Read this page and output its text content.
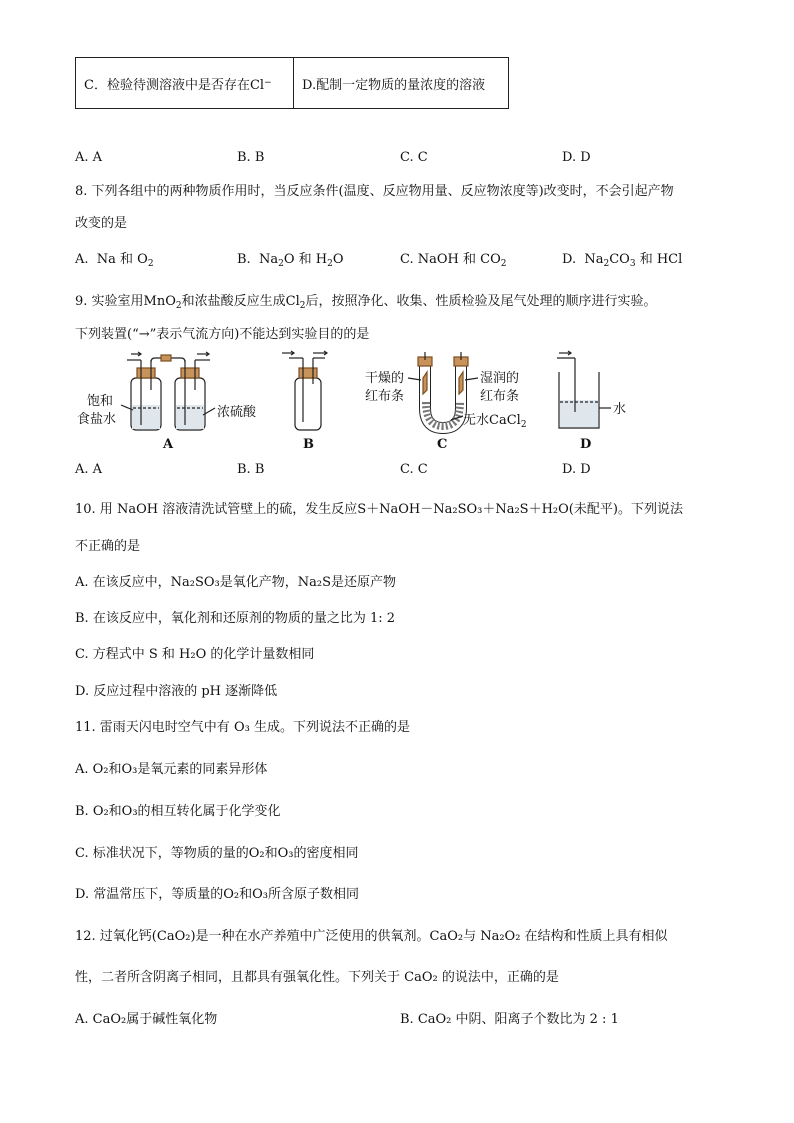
C．检验待测溶液中是否存在Cl − D.配制一定物质的量浓度的溶液
A. A	B. B	C. C	D. D
8. 下列各组中的两种物质作用时，当反应条件(温度、反应物用量、反应物浓度等)改变时，不会引起产物
改变的是
A. Na 和 $O_2$	B. $Na_2O$ 和 $H_2O$	C. NaOH 和 $CO_2$	D. $Na_2CO_3$ 和 HCl
9. 实验室用MnO$_2$和浓盐酸反应生成$Cl_2$后，按照净化、收集、性质检验及尾气处理的顺序进行实验。
下列装置(“→”表示气流方向)不能达到实验目的的是
饱和
食盐水	浓硫酸
A	B
干燥的
红布条
湿润的
红布条
无水CaCl$_2$
C
水
D
A. A	B. B	C. C	D. D
10. 用 NaOH 溶液清洗试管壁上的硫，发生反应S＋NaOH－Na₂SO₃＋Na₂S＋H₂O(未配平)。下列说法
不正确的是
A. 在该反应中，Na₂SO₃是氧化产物，Na₂S是还原产物
B. 在该反应中，氧化剂和还原剂的物质的量之比为 1: 2
C. 方程式中 S 和 H₂O 的化学计量数相同
D. 反应过程中溶液的 pH 逐渐降低
11. 雷雨天闪电时空气中有 O₃ 生成。下列说法不正确的是
A. O₂和O₃是氧元素的同素异形体
B. O₂和O₃的相互转化属于化学变化
C. 标准状况下，等物质的量的O₂和O₃的密度相同
D. 常温常压下，等质量的O₂和O₃所含原子数相同
12. 过氧化钙(CaO₂)是一种在水产养殖中广泛使用的供氧剂。CaO₂与 Na₂O₂ 在结构和性质上具有相似
性，二者所含阴离子相同，且都具有强氧化性。下列关于 CaO₂ 的说法中，正确的是
A. CaO₂属于碱性氧化物	B. CaO₂ 中阴、阳离子个数比为 2 : 1
